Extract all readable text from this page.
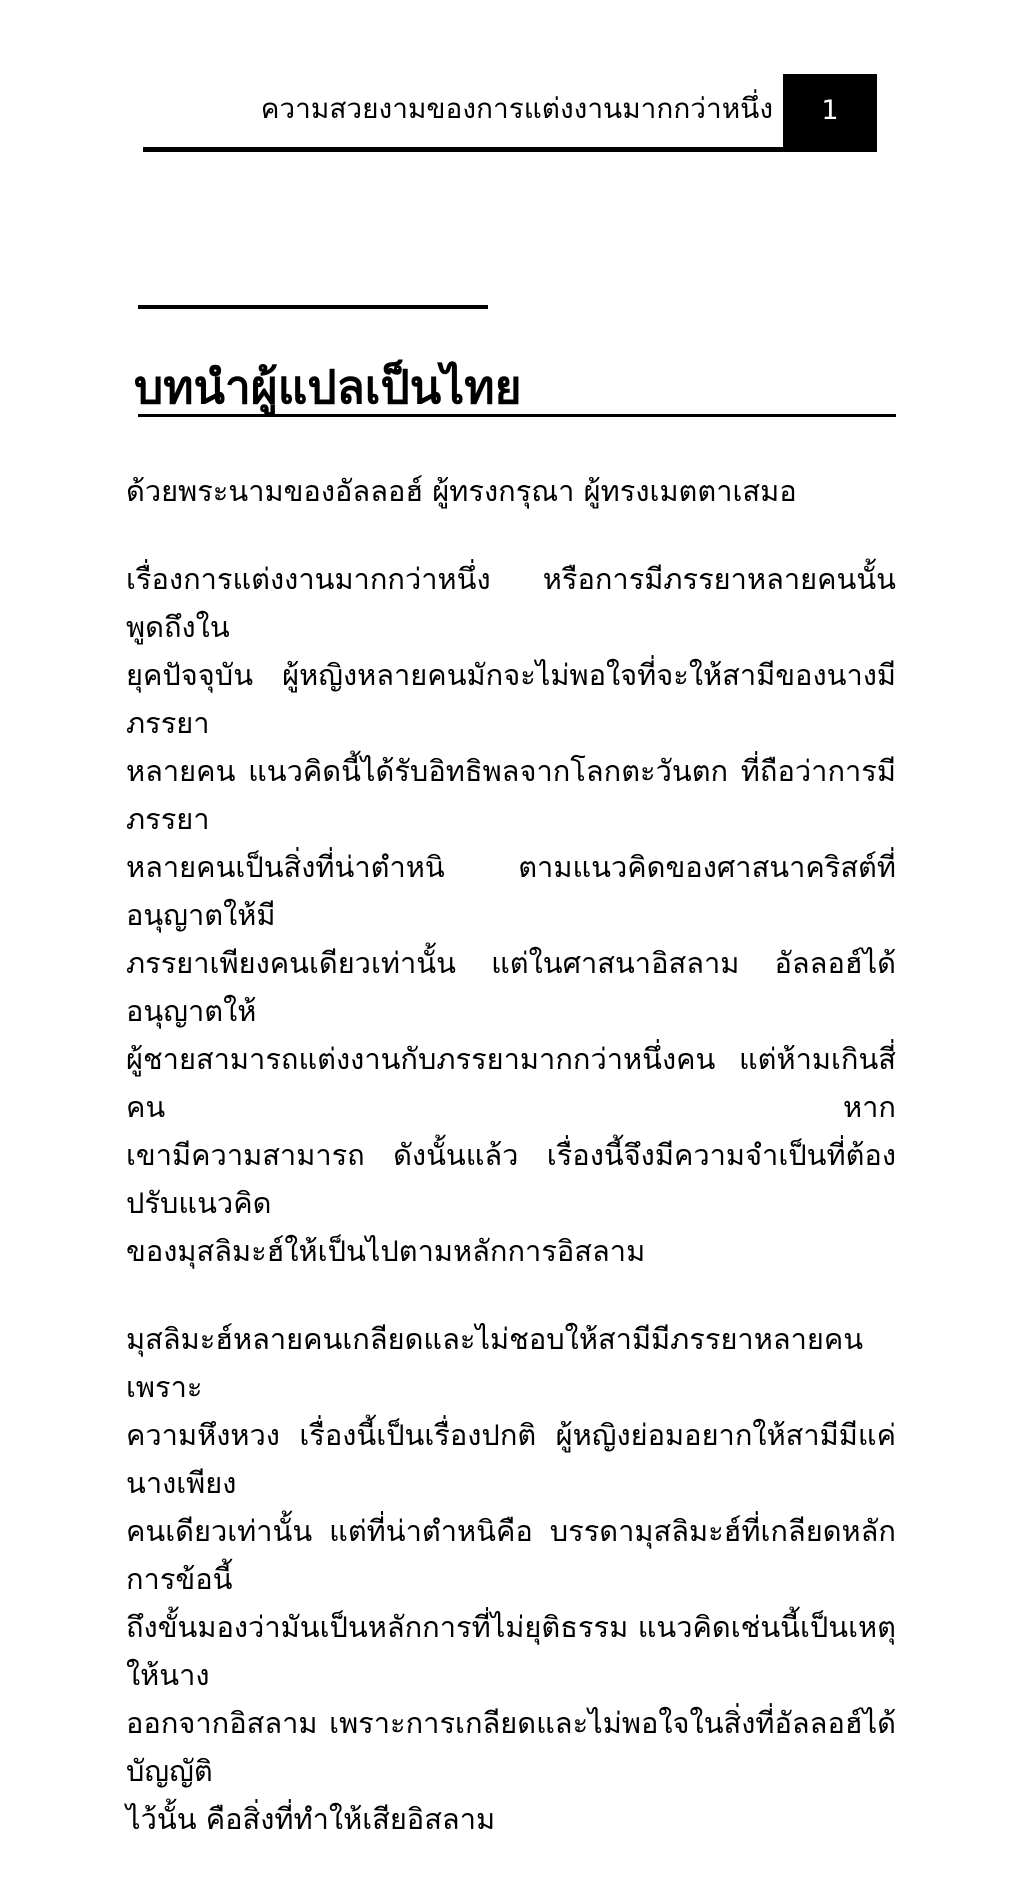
ความสวยงามของการแต่งงานมากกว่าหนึ่ง 1
บทนำผู้แปลเป็นไทย
ด้วยพระนามของอัลลอฮ์ ผู้ทรงกรุณา ผู้ทรงเมตตาเสมอ
เรื่องการแต่งงานมากกว่าหนึ่ง หรือการมีภรรยาหลายคนนั้น พูดถึงใน
ยุคปัจจุบัน ผู้หญิงหลายคนมักจะไม่พอใจที่จะให้สามีของนางมีภรรยา
หลายคน แนวคิดนี้ได้รับอิทธิพลจากโลกตะวันตก ที่ถือว่าการมีภรรยา
หลายคนเป็นสิ่งที่น่าตำหนิ ตามแนวคิดของศาสนาคริสต์ที่อนุญาตให้มี
ภรรยาเพียงคนเดียวเท่านั้น แต่ในศาสนาอิสลาม อัลลอฮ์ได้อนุญาตให้
ผู้ชายสามารถแต่งงานกับภรรยามากกว่าหนึ่งคน แต่ห้ามเกินสี่คน หาก
เขามีความสามารถ ดังนั้นแล้ว เรื่องนี้จึงมีความจำเป็นที่ต้องปรับแนวคิด
ของมุสลิมะฮ์ให้เป็นไปตามหลักการอิสลาม
มุสลิมะฮ์หลายคนเกลียดและไม่ชอบให้สามีมีภรรยาหลายคนเพราะ
ความหึงหวง เรื่องนี้เป็นเรื่องปกติ ผู้หญิงย่อมอยากให้สามีมีแค่นางเพียง
คนเดียวเท่านั้น แต่ที่น่าตำหนิคือ บรรดามุสลิมะฮ์ที่เกลียดหลักการข้อนี้
ถึงขั้นมองว่ามันเป็นหลักการที่ไม่ยุติธรรม แนวคิดเช่นนี้เป็นเหตุให้นาง
ออกจากอิสลาม เพราะการเกลียดและไม่พอใจในสิ่งที่อัลลอฮ์ได้บัญญัติ
ไว้นั้น คือสิ่งที่ทำให้เสียอิสลาม
